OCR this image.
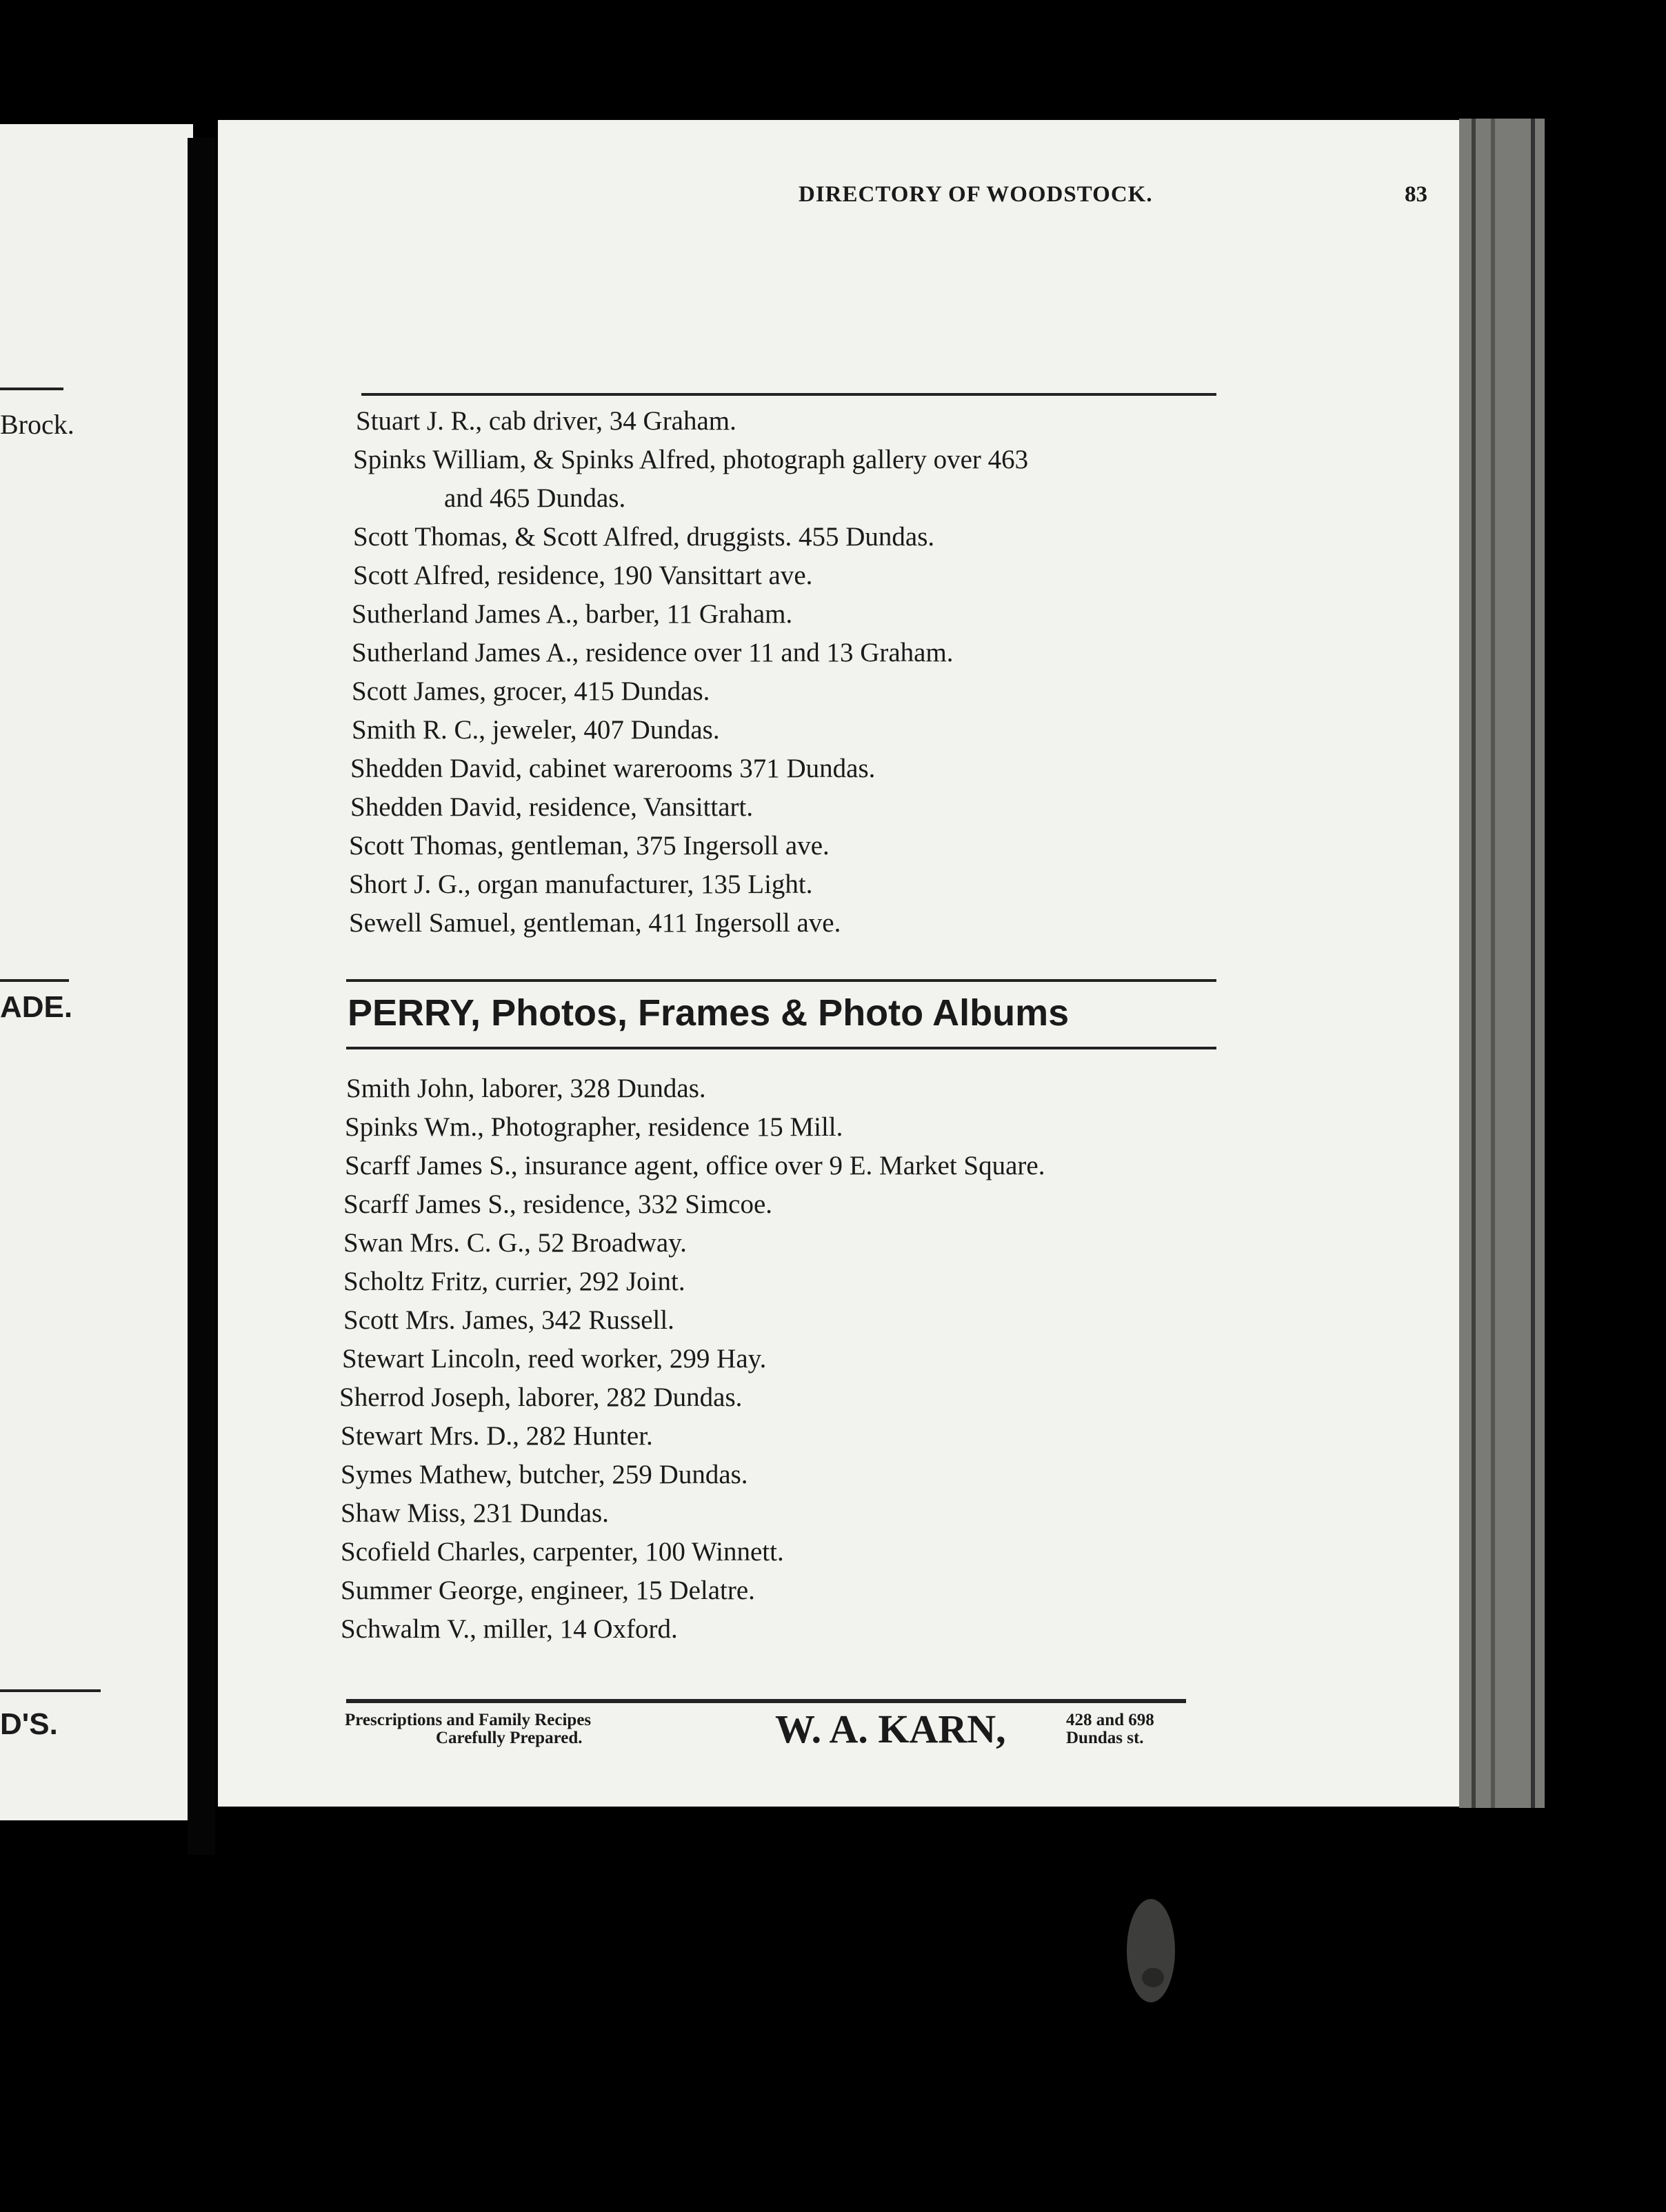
Brock.
ADE.
D'S.
DIRECTORY OF WOODSTOCK.	83
Stuart J. R., cab driver, 34 Graham.
Spinks William, & Spinks Alfred, photograph gallery over 463
and 465 Dundas.
Scott Thomas, & Scott Alfred, druggists. 455 Dundas.
Scott Alfred, residence, 190 Vansittart ave.
Sutherland James A., barber, 11 Graham.
Sutherland James A., residence over 11 and 13 Graham.
Scott James, grocer, 415 Dundas.
Smith R. C., jeweler, 407 Dundas.
Shedden David, cabinet warerooms 371 Dundas.
Shedden David, residence, Vansittart.
Scott Thomas, gentleman, 375 Ingersoll ave.
Short J. G., organ manufacturer, 135 Light.
Sewell Samuel, gentleman, 411 Ingersoll ave.
PERRY, Photos, Frames & Photo Albums
Smith John, laborer, 328 Dundas.
Spinks Wm., Photographer, residence 15 Mill.
Scarff James S., insurance agent, office over 9 E. Market Square.
Scarff James S., residence, 332 Simcoe.
Swan Mrs. C. G., 52 Broadway.
Scholtz Fritz, currier, 292 Joint.
Scott Mrs. James, 342 Russell.
Stewart Lincoln, reed worker, 299 Hay.
Sherrod Joseph, laborer, 282 Dundas.
Stewart Mrs. D., 282 Hunter.
Symes Mathew, butcher, 259 Dundas.
Shaw Miss, 231 Dundas.
Scofield Charles, carpenter, 100 Winnett.
Summer George, engineer, 15 Delatre.
Schwalm V., miller, 14 Oxford.
Prescriptions and Family Recipes
Carefully Prepared.	W. A. KARN,	428 and 698
Dundas st.
